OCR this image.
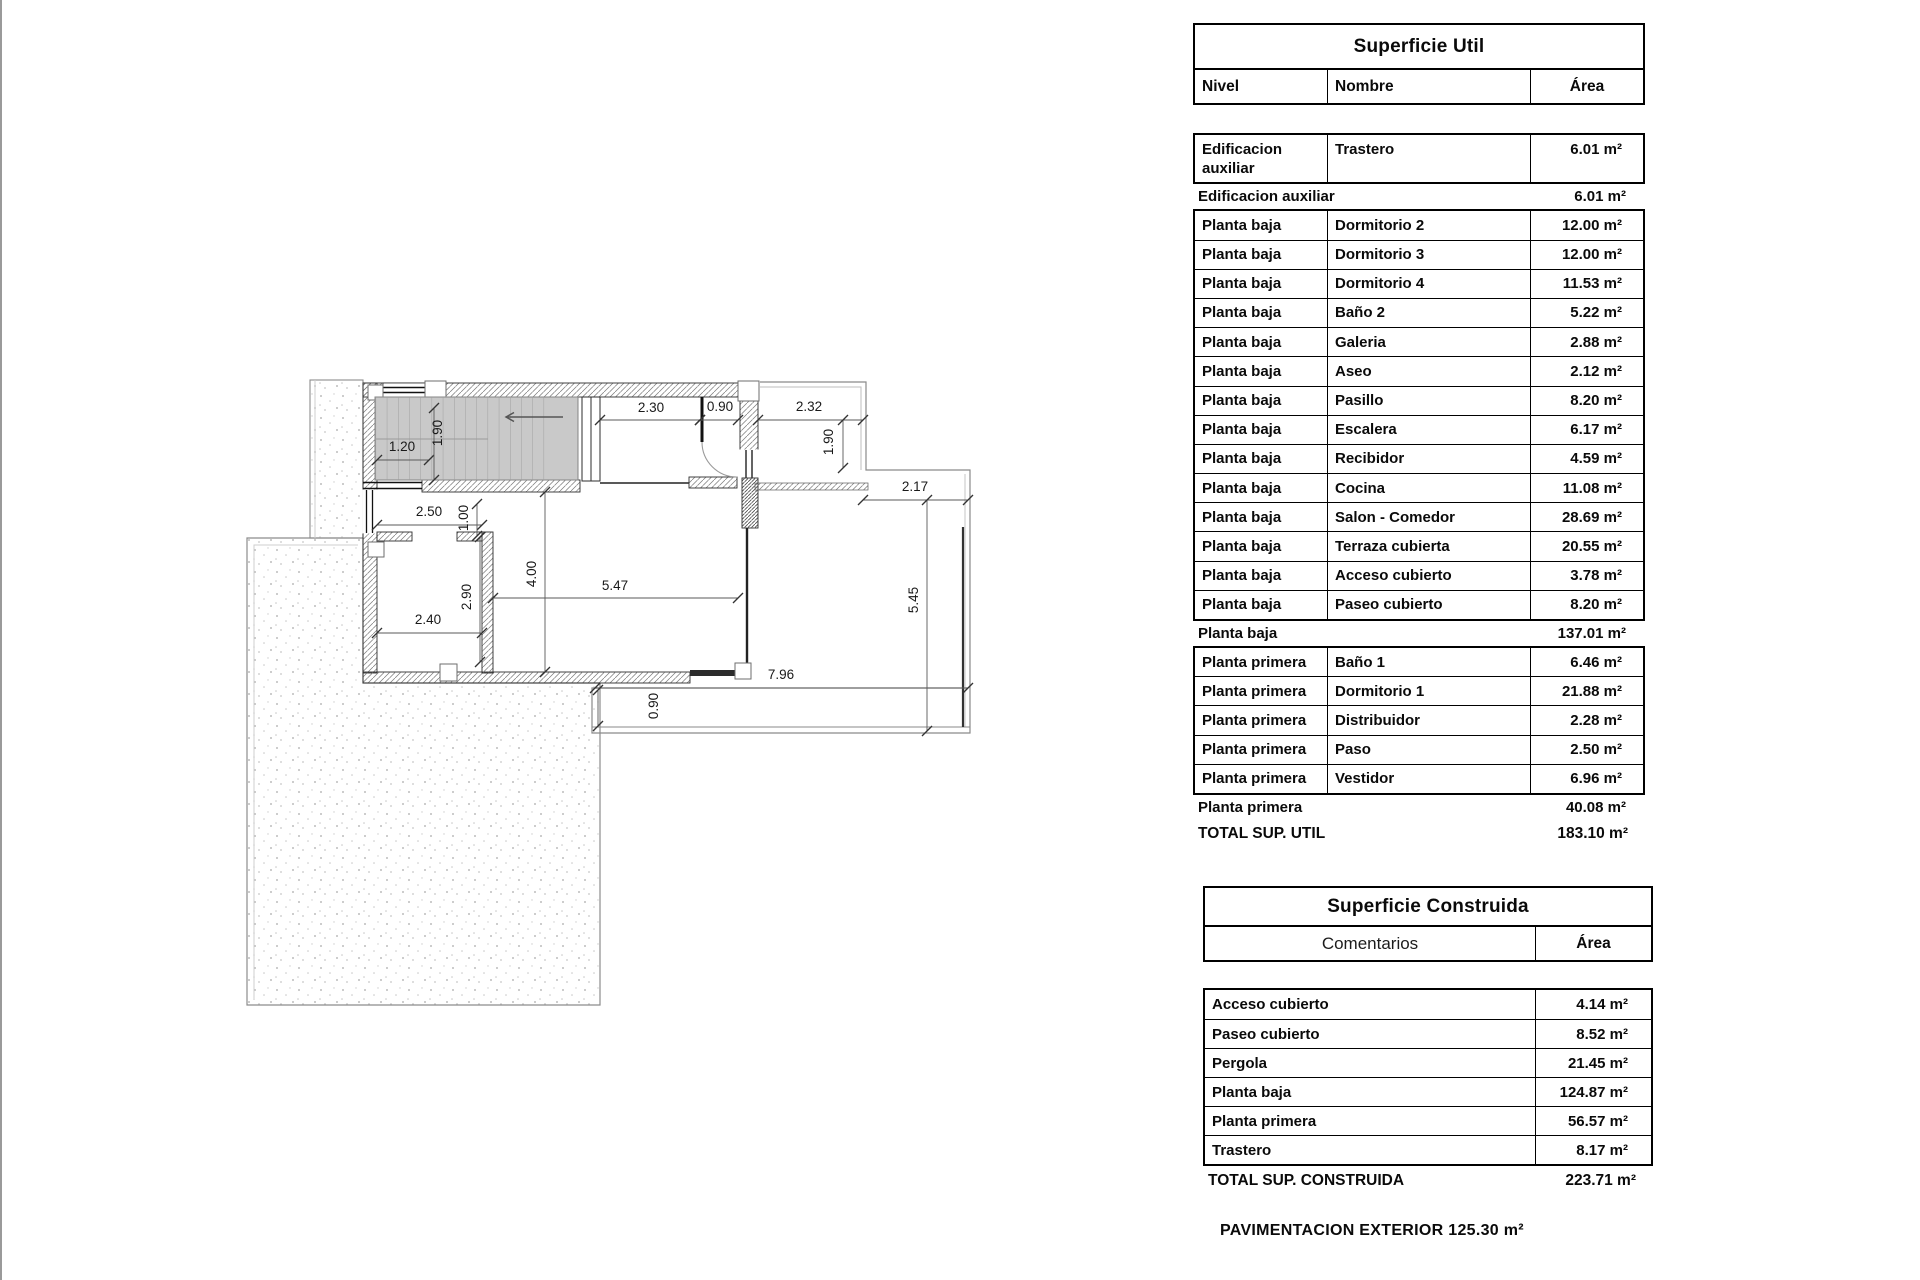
1.20
1.90
2.30	0.90	2.32
1.90
2.17
2.50 1.00
2.90
4.00	5.47
2.40
5.45
7.96
0.90
Superficie Util
Nivel	Nombre	Área
Edificacion auxiliar
Trastero	6.01 m²
Edificacion auxiliar	6.01 m²
Planta baja	Dormitorio 2	12.00 m²
Planta baja	Dormitorio 3	12.00 m²
Planta baja	Dormitorio 4	11.53 m²
Planta baja	Baño 2	5.22 m²
Planta baja	Galeria	2.88 m²
Planta baja	Aseo	2.12 m²
Planta baja	Pasillo	8.20 m²
Planta baja	Escalera	6.17 m²
Planta baja	Recibidor	4.59 m²
Planta baja	Cocina	11.08 m²
Planta baja	Salon - Comedor	28.69 m²
Planta baja	Terraza cubierta	20.55 m²
Planta baja	Acceso cubierto	3.78 m²
Planta baja	Paseo cubierto	8.20 m²
Planta baja	137.01 m²
Planta primera	Baño 1	6.46 m²
Planta primera	Dormitorio 1	21.88 m²
Planta primera	Distribuidor	2.28 m²
Planta primera	Paso	2.50 m²
Planta primera	Vestidor	6.96 m²
Planta primera	40.08 m²
TOTAL SUP. UTIL	183.10 m²
Superficie Construida
Comentarios	Área
Acceso cubierto	4.14 m²
Paseo cubierto	8.52 m²
Pergola	21.45 m²
Planta baja	124.87 m²
Planta primera	56.57 m²
Trastero	8.17 m²
TOTAL SUP. CONSTRUIDA	223.71 m²
PAVIMENTACION EXTERIOR 125.30 m²
